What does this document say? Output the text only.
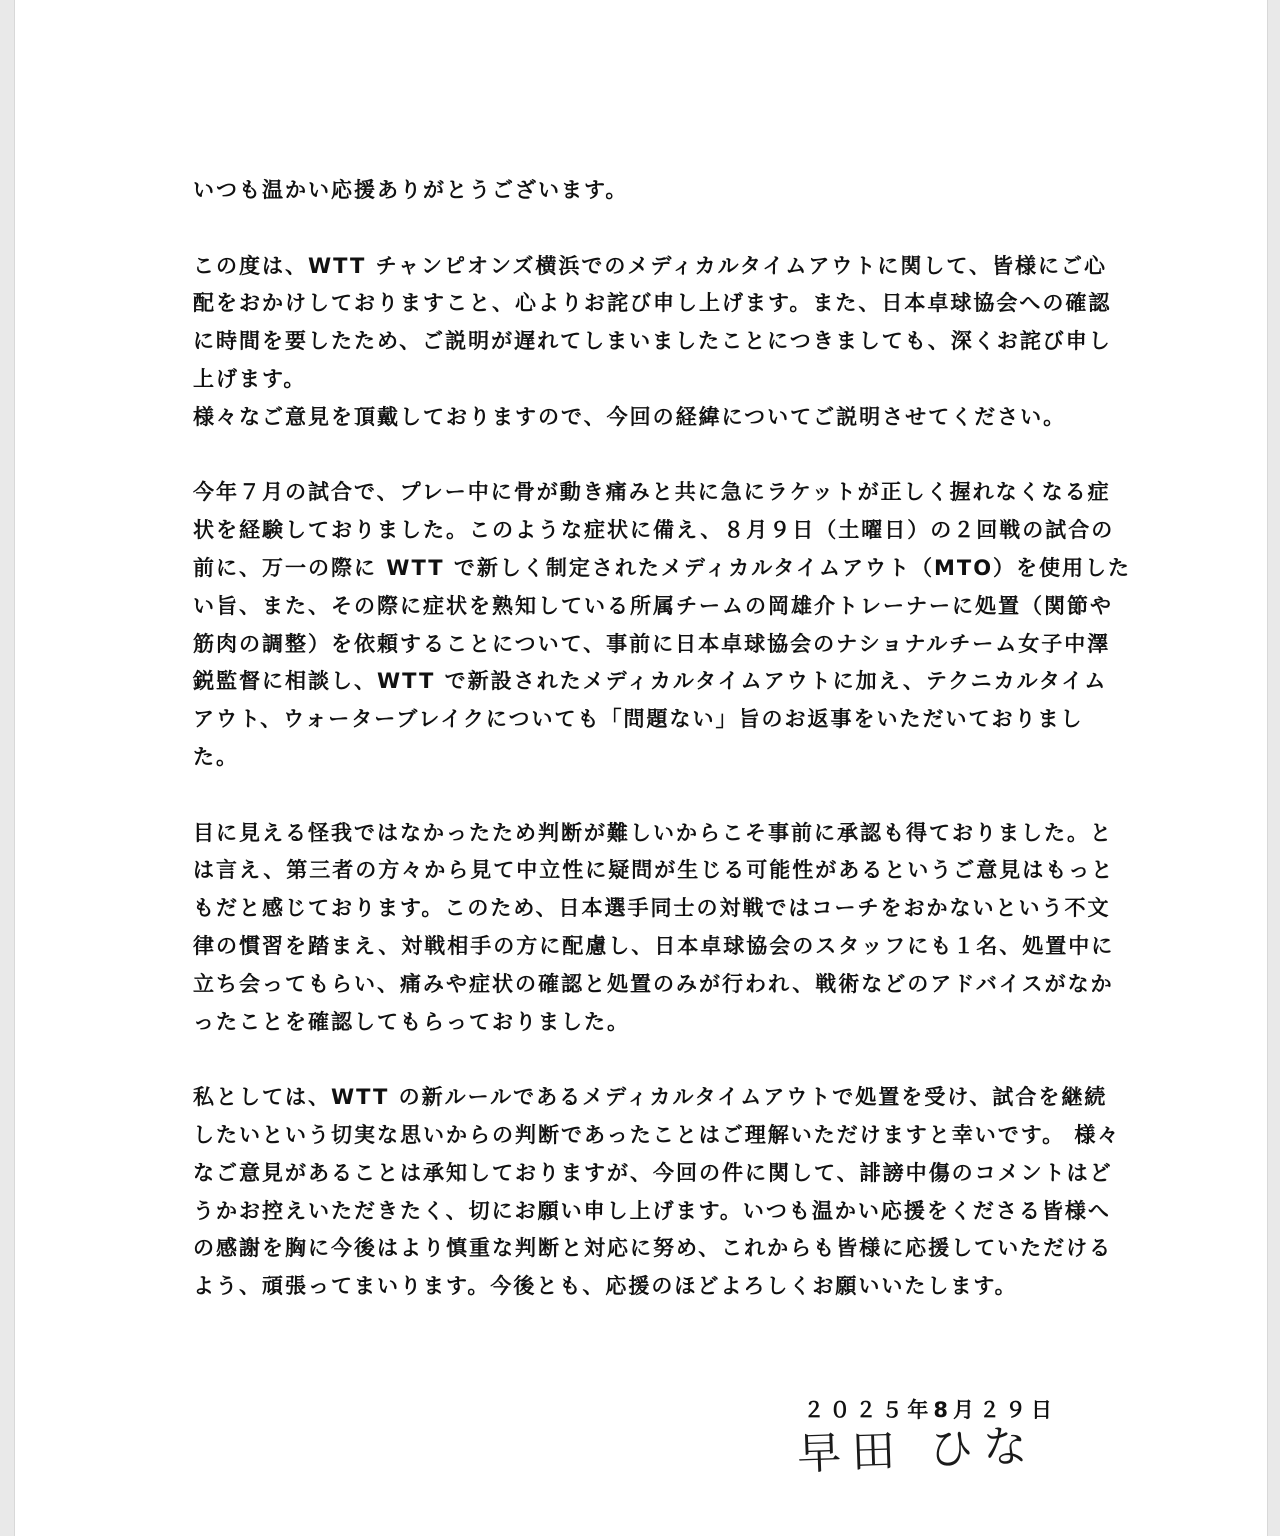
いつも温かい応援ありがとうございます。

この度は、WTT チャンピオンズ横浜でのメディカルタイムアウトに関して、皆様にご心
配をおかけしておりますこと、心よりお詫び申し上げます。また、日本卓球協会への確認
に時間を要したため、ご説明が遅れてしまいましたことにつきましても、深くお詫び申し
上げます。
様々なご意見を頂戴しておりますので、今回の経緯についてご説明させてください。

今年７月の試合で、プレー中に骨が動き痛みと共に急にラケットが正しく握れなくなる症
状を経験しておりました。このような症状に備え、８月９日（土曜日）の２回戦の試合の
前に、万一の際に WTT で新しく制定されたメディカルタイムアウト（MTO）を使用した
い旨、また、その際に症状を熟知している所属チームの岡雄介トレーナーに処置（関節や
筋肉の調整）を依頼することについて、事前に日本卓球協会のナショナルチーム女子中澤
鋭監督に相談し、WTT で新設されたメディカルタイムアウトに加え、テクニカルタイム
アウト、ウォーターブレイクについても「問題ない」旨のお返事をいただいておりまし
た。

目に見える怪我ではなかったため判断が難しいからこそ事前に承認も得ておりました。と
は言え、第三者の方々から見て中立性に疑問が生じる可能性があるというご意見はもっと
もだと感じております。このため、日本選手同士の対戦ではコーチをおかないという不文
律の慣習を踏まえ、対戦相手の方に配慮し、日本卓球協会のスタッフにも１名、処置中に
立ち会ってもらい、痛みや症状の確認と処置のみが行われ、戦術などのアドバイスがなか
ったことを確認してもらっておりました。

私としては、WTT の新ルールであるメディカルタイムアウトで処置を受け、試合を継続
したいという切実な思いからの判断であったことはご理解いただけますと幸いです。 様々
なご意見があることは承知しておりますが、今回の件に関して、誹謗中傷のコメントはど
うかお控えいただきたく、切にお願い申し上げます。いつも温かい応援をくださる皆様へ
の感謝を胸に今後はより慎重な判断と対応に努め、これからも皆様に応援していただける
よう、頑張ってまいります。今後とも、応援のほどよろしくお願いいたします。

２０２５年8月２９日
早田 ひな
